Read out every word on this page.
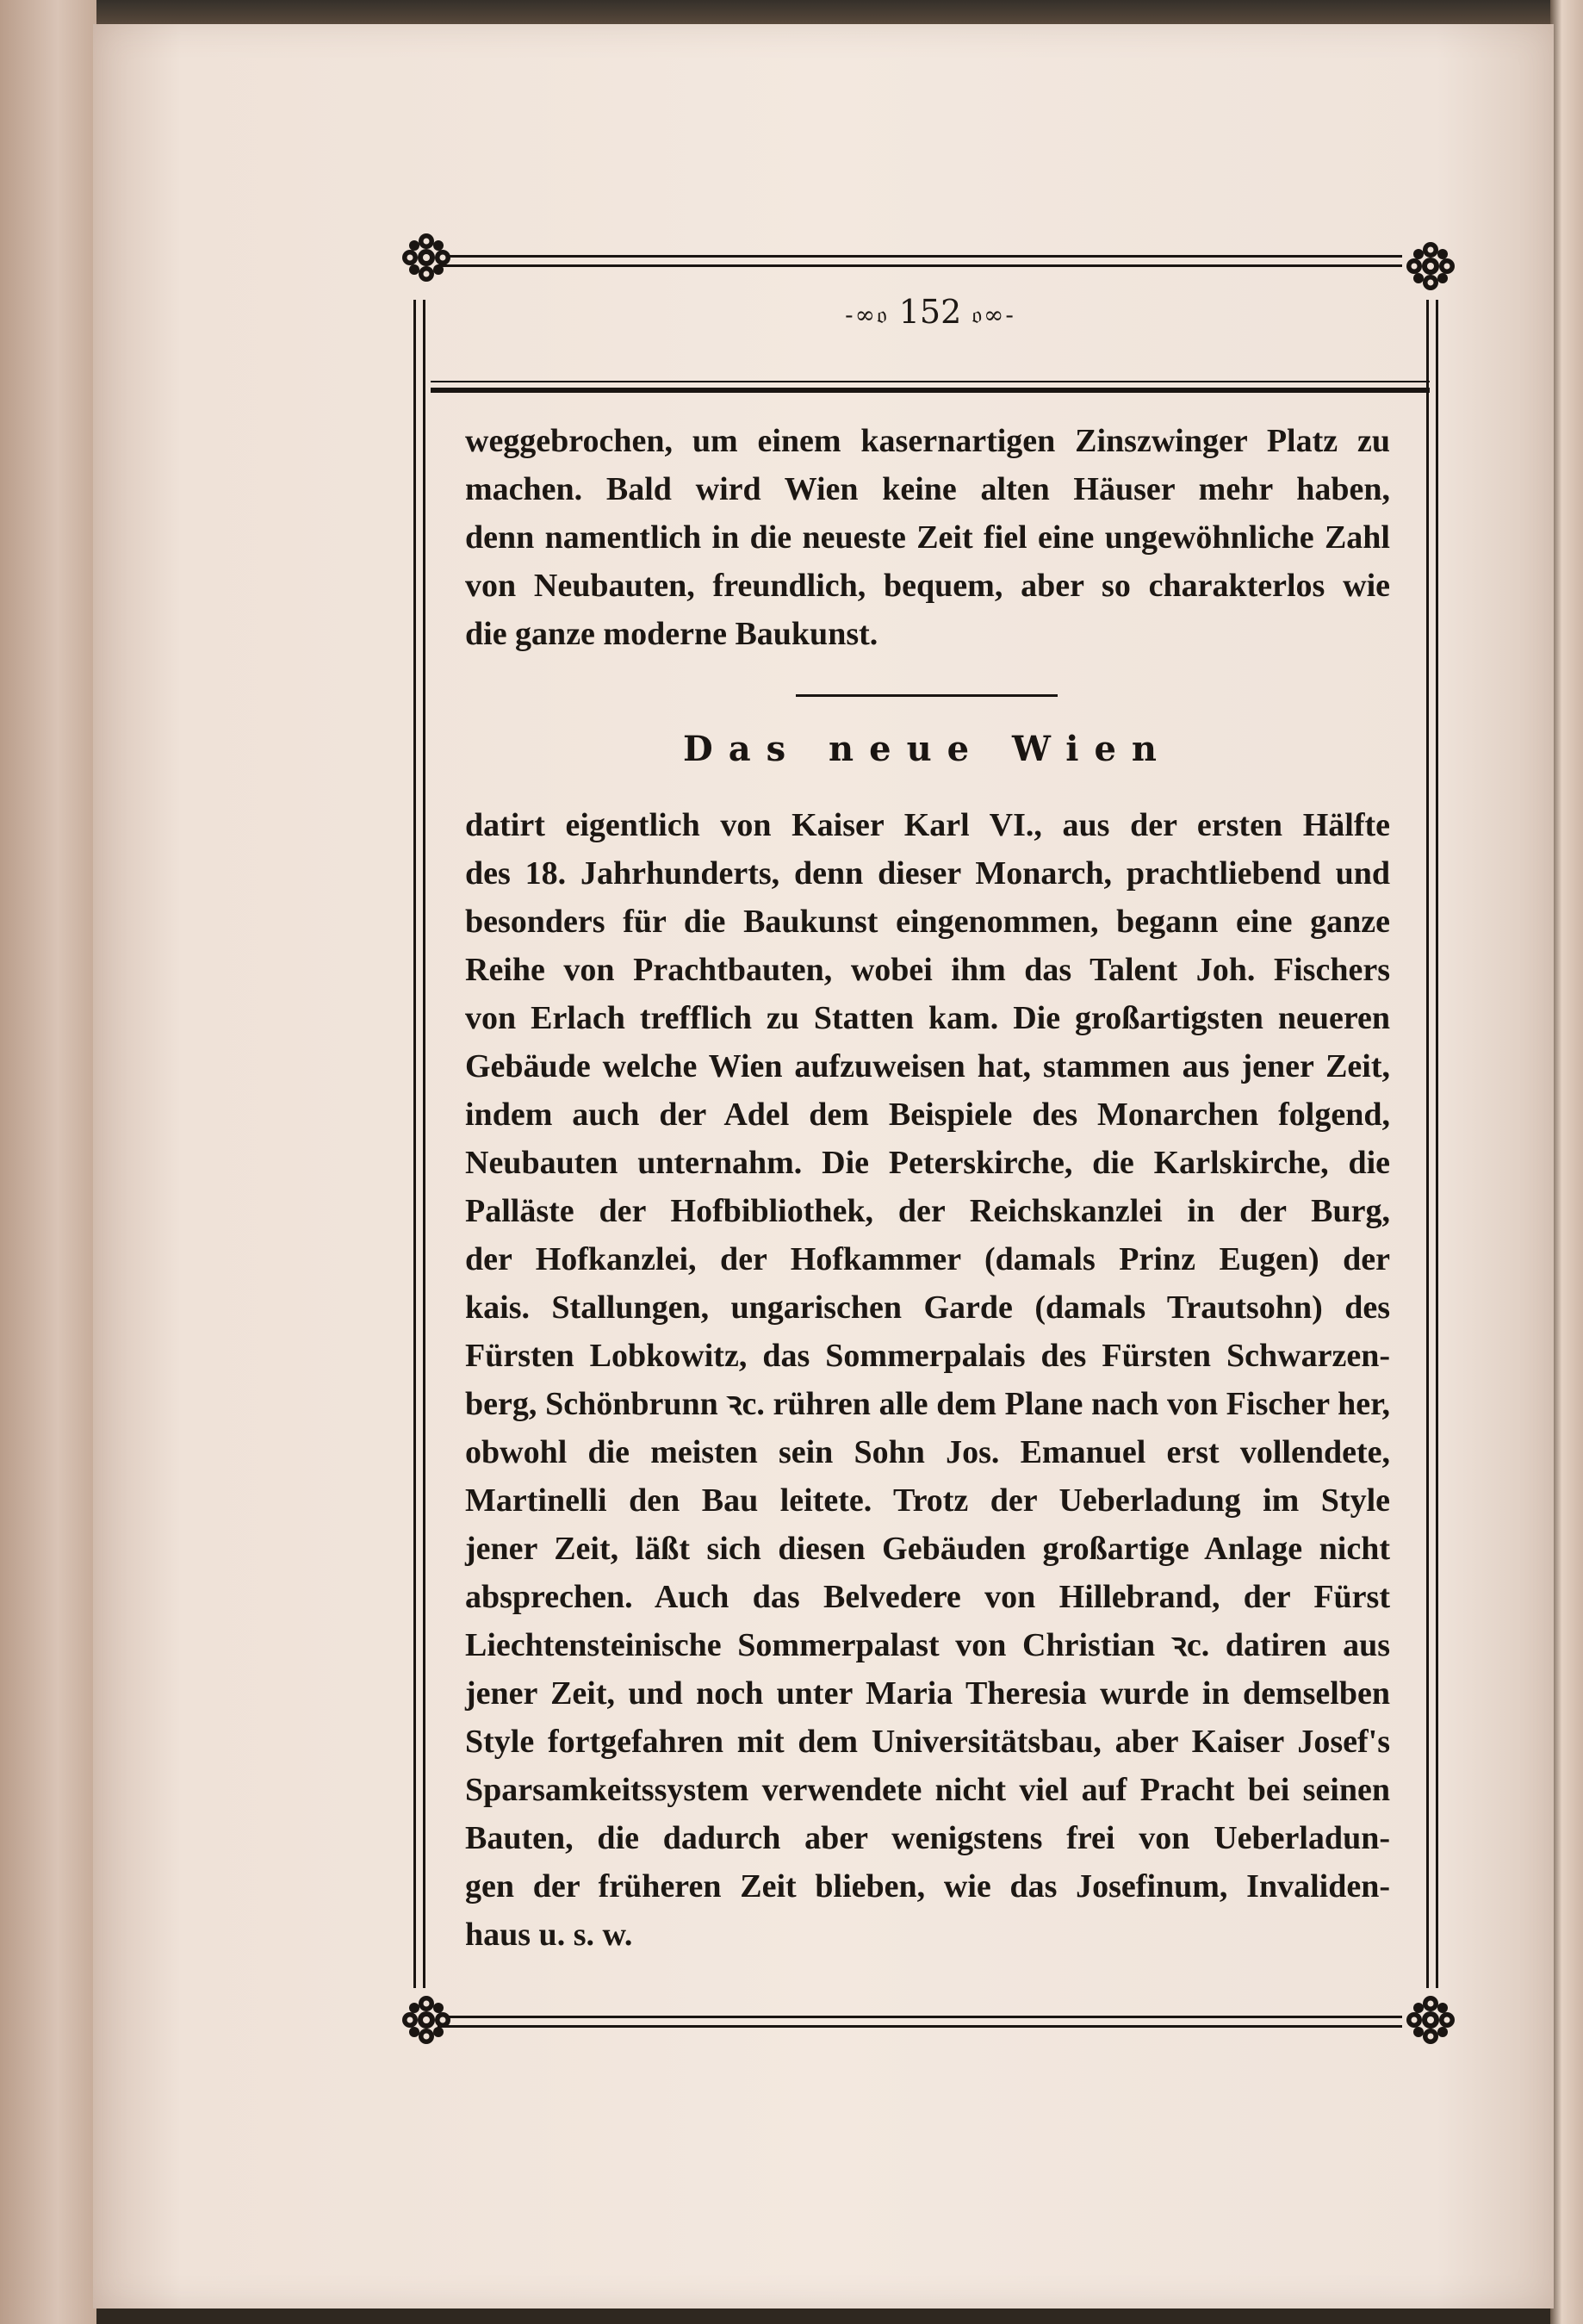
-∞𝔬 152 𝔬∞-
weggebrochen, um einem kasernartigen Zinszwinger Platz zu
machen. Bald wird Wien keine alten Häuser mehr haben,
denn namentlich in die neueste Zeit fiel eine ungewöhnliche Zahl
von Neubauten, freundlich, bequem, aber so charakterlos wie
die ganze moderne Baukunst.
Das neue Wien
datirt eigentlich von Kaiser Karl VI., aus der ersten Hälfte
des 18. Jahrhunderts, denn dieser Monarch, prachtliebend und
besonders für die Baukunst eingenommen, begann eine ganze
Reihe von Prachtbauten, wobei ihm das Talent Joh. Fischers
von Erlach trefflich zu Statten kam. Die großartigsten neueren
Gebäude welche Wien aufzuweisen hat, stammen aus jener Zeit,
indem auch der Adel dem Beispiele des Monarchen folgend,
Neubauten unternahm. Die Peterskirche, die Karlskirche, die
Palläste der Hofbibliothek, der Reichskanzlei in der Burg,
der Hofkanzlei, der Hofkammer (damals Prinz Eugen) der
kais. Stallungen, ungarischen Garde (damals Trautsohn) des
Fürsten Lobkowitz, das Sommerpalais des Fürsten Schwarzen-
berg, Schönbrunn ꝛc. rühren alle dem Plane nach von Fischer her,
obwohl die meisten sein Sohn Jos. Emanuel erst vollendete,
Martinelli den Bau leitete. Trotz der Ueberladung im Style
jener Zeit, läßt sich diesen Gebäuden großartige Anlage nicht
absprechen. Auch das Belvedere von Hillebrand, der Fürst
Liechtensteinische Sommerpalast von Christian ꝛc. datiren aus
jener Zeit, und noch unter Maria Theresia wurde in demselben
Style fortgefahren mit dem Universitätsbau, aber Kaiser Josef's
Sparsamkeitssystem verwendete nicht viel auf Pracht bei seinen
Bauten, die dadurch aber wenigstens frei von Ueberladun-
gen der früheren Zeit blieben, wie das Josefinum, Invaliden-
haus u. s. w.
